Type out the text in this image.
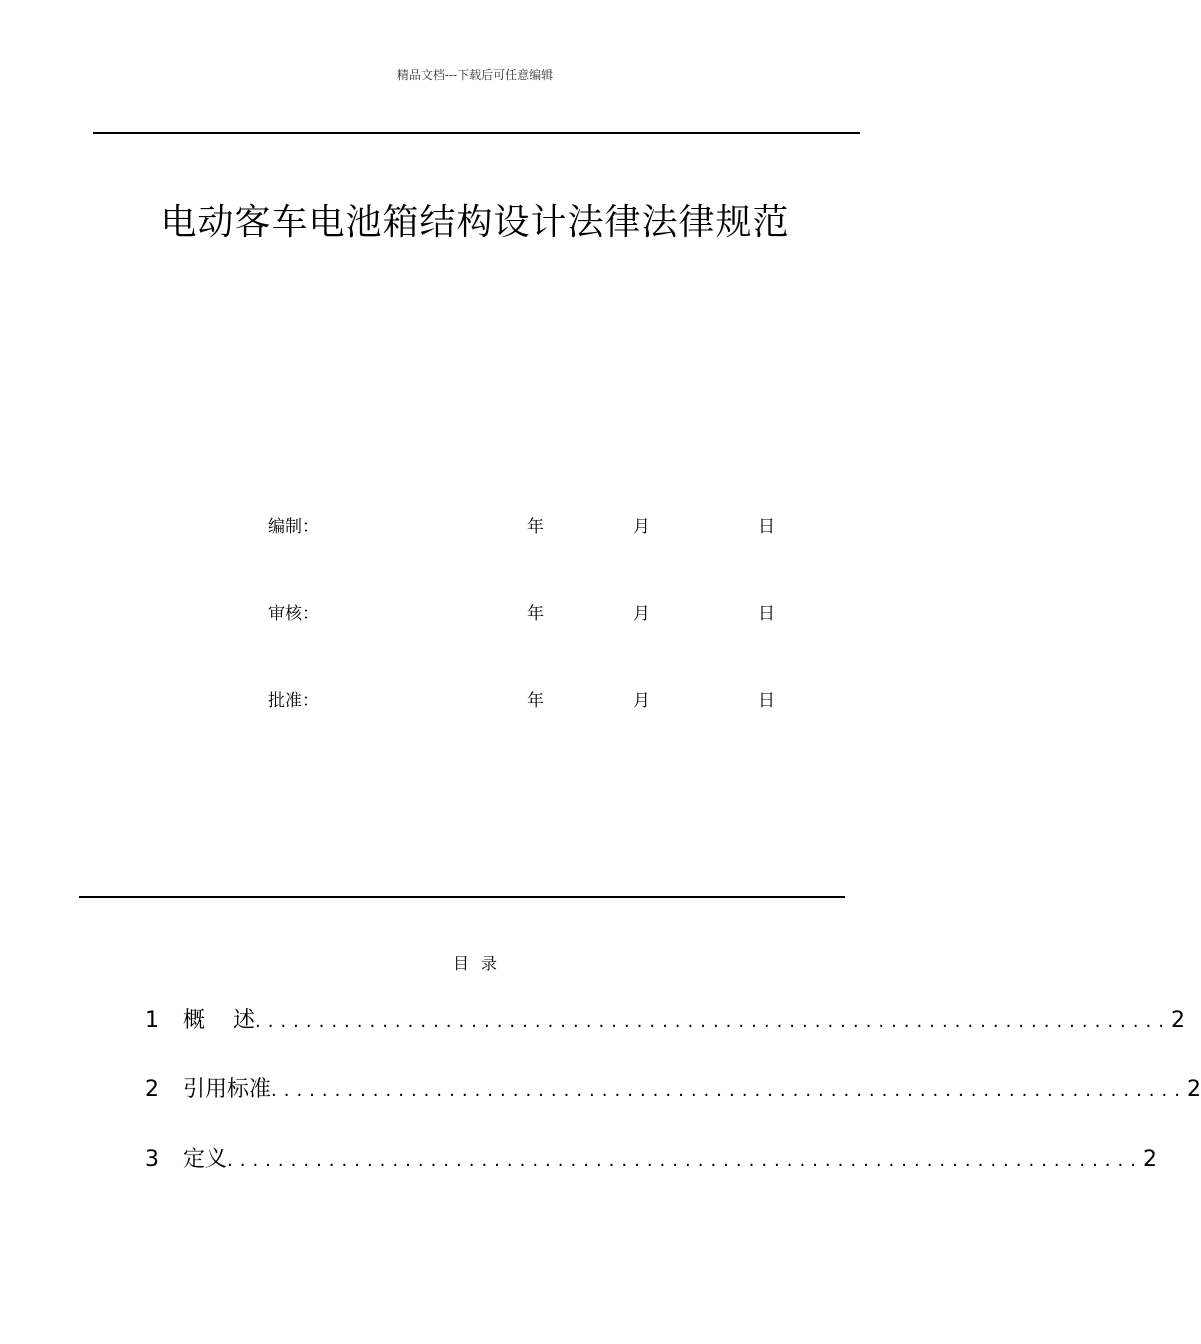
精品文档---下载后可任意编辑
电动客车电池箱结构设计法律法律规范
编制：	年	月	日
审核：	年	月	日
批准：	年	月	日
目录
1	概    述 ........................................................................ 2
2	引用标准 ........................................................................ 2
3	定义 ........................................................................ 2
